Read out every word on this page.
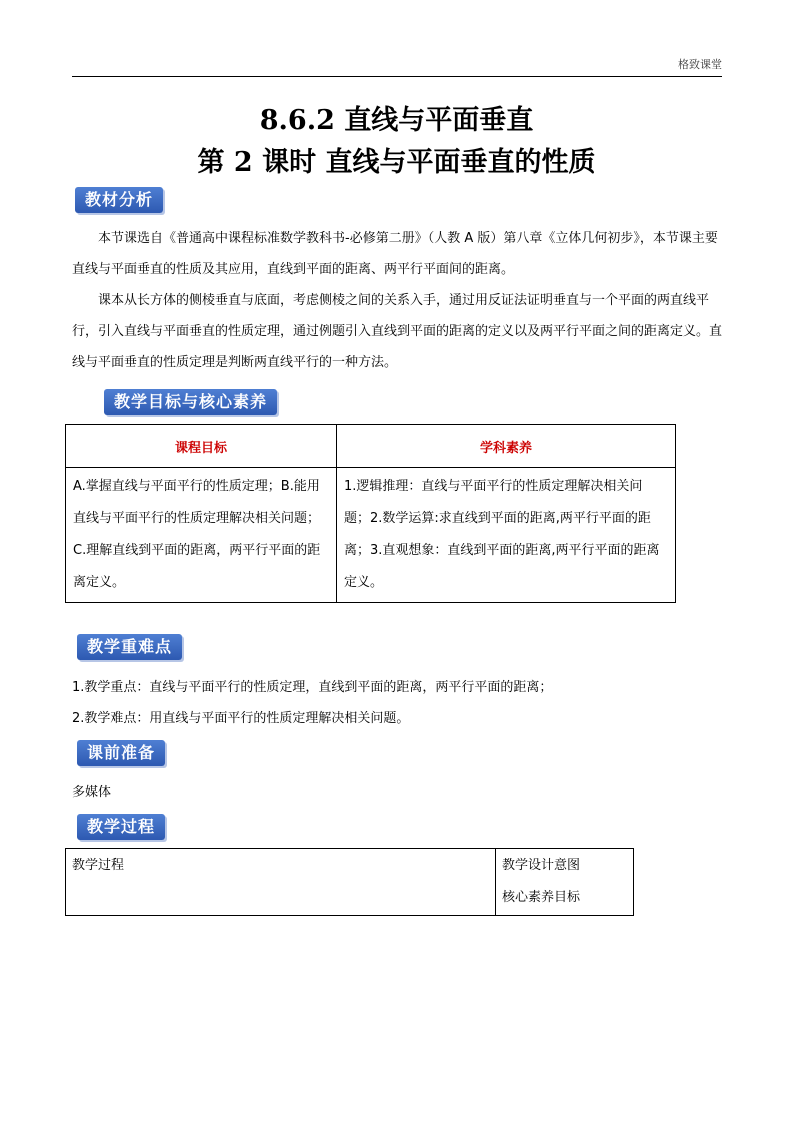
格致课堂
8.6.2 直线与平面垂直
第 2 课时 直线与平面垂直的性质
教材分析
本节课选自《普通高中课程标准数学教科书-必修第二册》（人教 A 版）第八章《立体几何初步》，本节课主要直线与平面垂直的性质及其应用，直线到平面的距离、两平行平面间的距离。
课本从长方体的侧棱垂直与底面，考虑侧棱之间的关系入手，通过用反证法证明垂直与一个平面的两直线平行，引入直线与平面垂直的性质定理，通过例题引入直线到平面的距离的定义以及两平行平面之间的距离定义。直线与平面垂直的性质定理是判断两直线平行的一种方法。
教学目标与核心素养
课程目标	学科素养
A.掌握直线与平面平行的性质定理；B.能用直线与平面平行的性质定理解决相关问题；C.理解直线到平面的距离，两平行平面的距离定义。	1.逻辑推理：直线与平面平行的性质定理解决相关问题；2.数学运算:求直线到平面的距离,两平行平面的距离；3.直观想象：直线到平面的距离,两平行平面的距离定义。
教学重难点
1.教学重点：直线与平面平行的性质定理，直线到平面的距离，两平行平面的距离；
2.教学难点：用直线与平面平行的性质定理解决相关问题。
课前准备
多媒体
教学过程
教学过程	教学设计意图
核心素养目标
